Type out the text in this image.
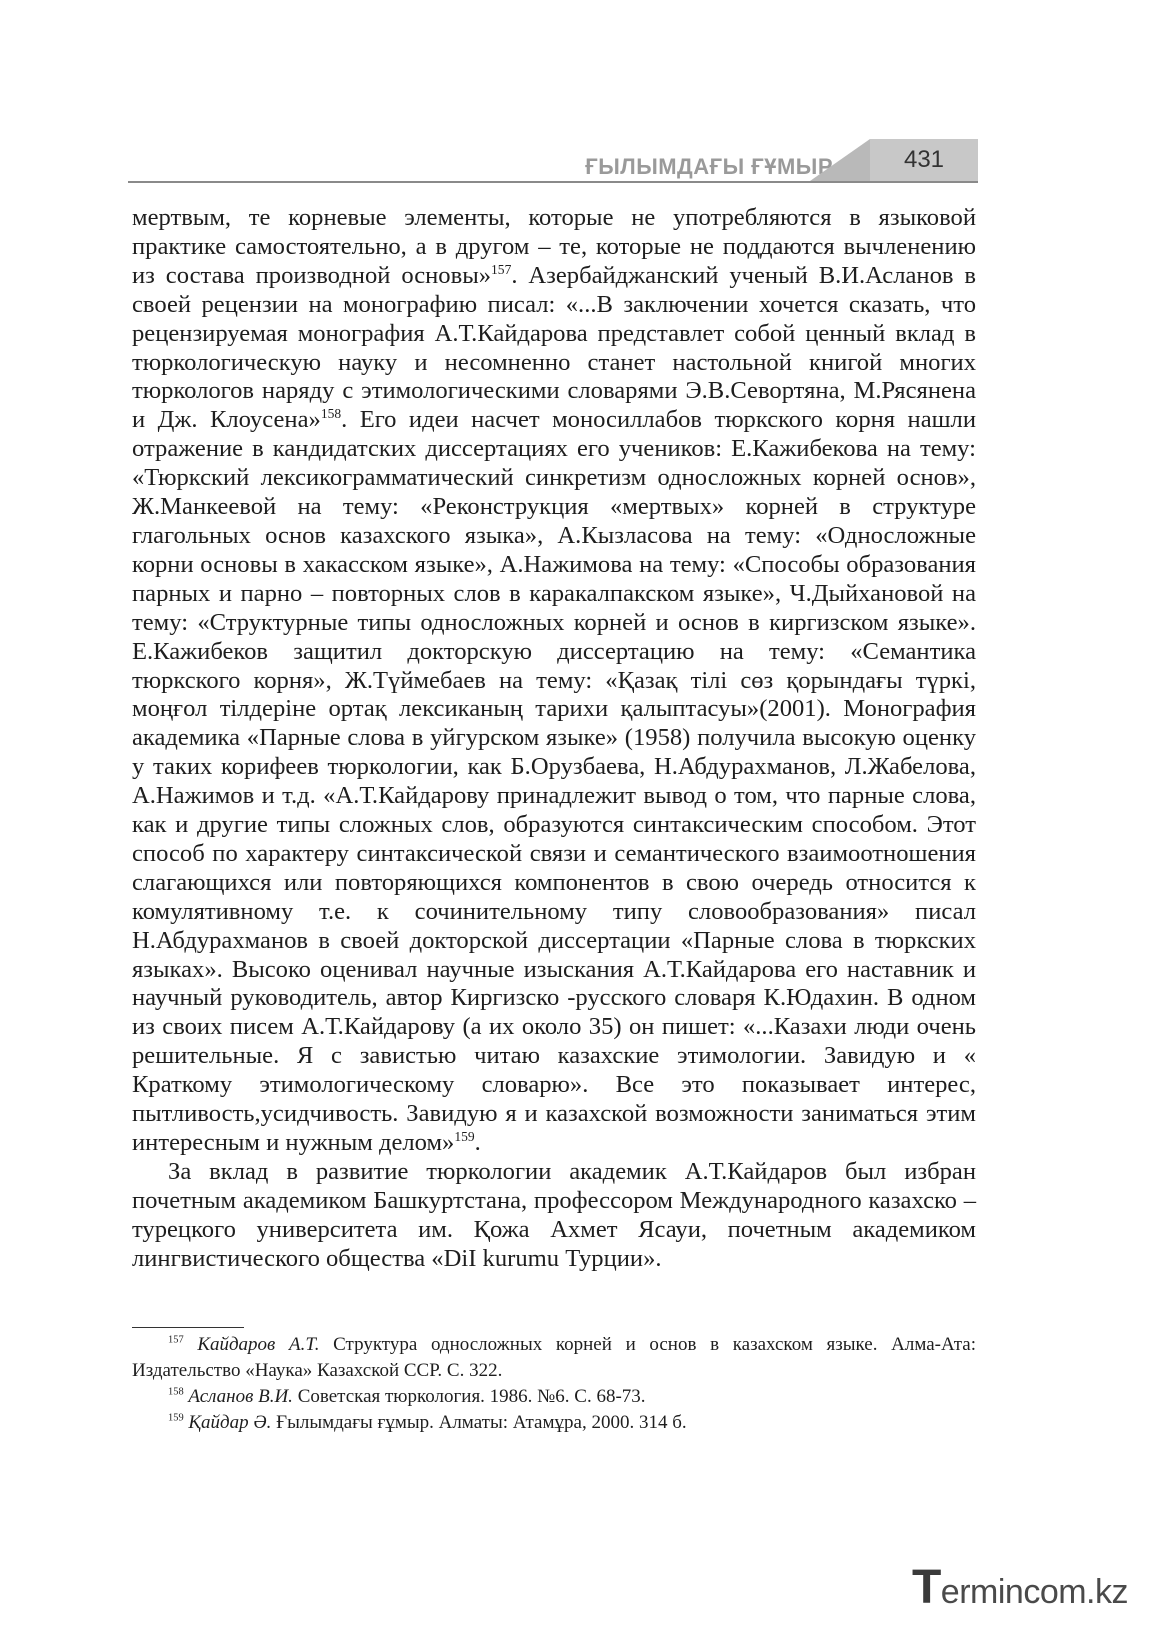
ҒЫЛЫМДАҒЫ ҒҰМЫР	431

мертвым, те корневые элементы, которые не употребляются в языковой практике самостоятельно, а в другом – те, которые не поддаются вычленению из состава производной основы»$^{157}$. Азербайджанский ученый В.И.Асланов в своей рецензии на монографию писал: «...В заключении хочется сказать, что рецензируемая монография А.Т.Кайдарова представлет собой ценный вклад в тюркологическую науку и несомненно станет настольной книгой многих тюркологов наряду с этимологическими словарями Э.В.Севортяна, М.Рясянена и Дж. Клоусена»$^{158}$. Его идеи насчет моносиллабов тюркского корня нашли отражение в кандидатских диссертациях его учеников: Е.Кажибекова на тему: «Тюркский лексикограмматический синкретизм односложных корней основ», Ж.Манкеевой на тему: «Реконструкция «мертвых» корней в структуре глагольных основ казахского языка», А.Кызласова на тему: «Односложные корни основы в хакасском языке», А.Нажимова на тему: «Способы образования парных и парно – повторных слов в каракалпакском языке», Ч.Дыйхановой на тему: «Структурные типы односложных корней и основ в киргизском языке». Е.Кажибеков защитил докторскую диссертацию на тему: «Семантика тюркского корня», Ж.Түймебаев на тему: «Қазақ тілі сөз қорындағы түркі, моңғол тілдеріне ортақ лексиканың тарихи қалыптасуы»(2001). Монография академика «Парные слова в уйгурском языке» (1958) получила высокую оценку у таких корифеев тюркологии, как Б.Орузбаева, Н.Абдурахманов, Л.Жабелова, А.Нажимов и т.д. «А.Т.Кайдарову принадлежит вывод о том, что парные слова, как и другие типы сложных слов, образуются синтаксическим способом. Этот способ по характеру синтаксической связи и семантического взаимоотношения слагающихся или повторяющихся компонентов в свою очередь относится к комулятивному т.е. к сочинительному типу словообразования» писал Н.Абдурахманов в своей докторской диссертации «Парные слова в тюркских языках». Высоко оценивал научные изыскания А.Т.Кайдарова его наставник и научный руководитель, автор Киргизско -русского словаря К.Юдахин. В одном из своих писем А.Т.Кайдарову (а их около 35) он пишет: «...Казахи люди очень решительные. Я с завистью читаю казахские этимологии. Завидую и « Краткому этимологическому словарю». Все это показывает интерес, пытливость,усидчивость. Завидую я и казахской возможности заниматься этим интересным и нужным делом»$^{159}$.

За вклад в развитие тюркологии академик А.Т.Кайдаров был избран почетным академиком Башкуртстана, профессором Международного казахско – турецкого университета им. Қожа Ахмет Ясауи, почетным академиком лингвистического общества «DiI kurumu Турции».

$^{157}$ Кайдаров А.Т. Структура односложных корней и основ в казахском языке. Алма-Ата: Издательство «Наука» Казахской ССР. С. 322.

$^{158}$ Асланов В.И. Советская тюркология. 1986. №6. С. 68-73.

$^{159}$ Қайдар Ә. Ғылымдағы ғұмыр. Алматы: Атамұра, 2000. 314 б.

Termincom.kz
